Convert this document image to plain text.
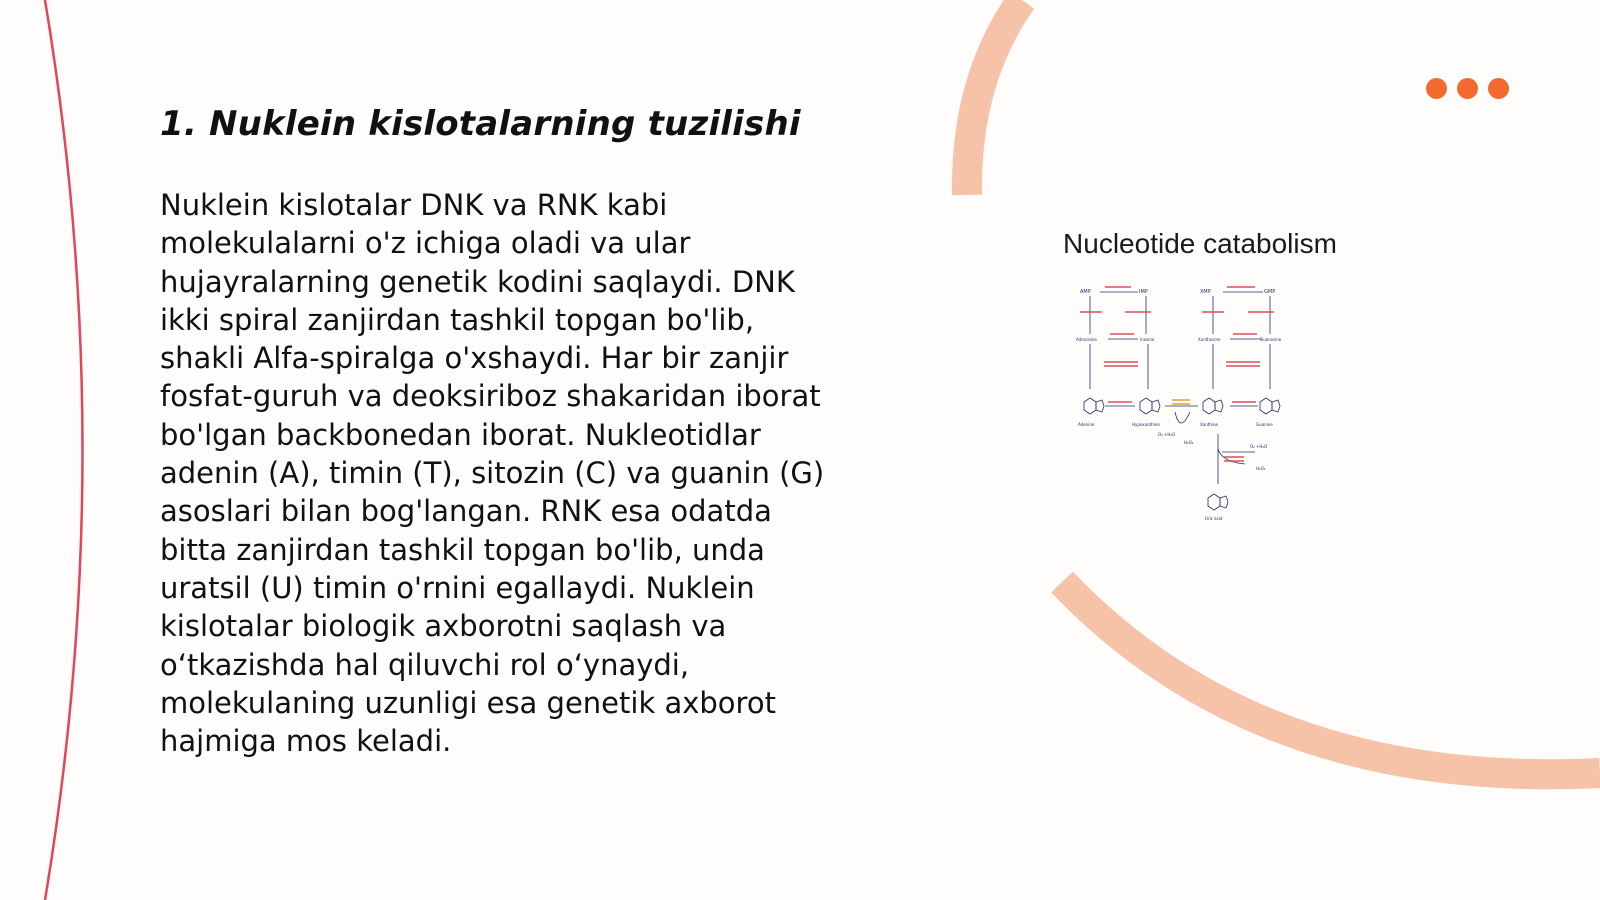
1. Nuklein kislotalarning tuzilishi

Nuklein kislotalar DNK va RNK kabi molekulalarni o'z ichiga oladi va ular hujayralarning genetik kodini saqlaydi. DNK ikki spiral zanjirdan tashkil topgan bo'lib, shakli Alfa-spiralga o'xshaydi. Har bir zanjir fosfat-guruh va deoksiriboz shakaridan iborat bo'lgan backbonedan iborat. Nukleotidlar adenin (A), timin (T), sitozin (C) va guanin (G) asoslari bilan bog'langan. RNK esa odatda bitta zanjirdan tashkil topgan bo'lib, unda uratsil (U) timin o'rnini egallaydi. Nuklein kislotalar biologik axborotni saqlash va o‘tkazishda hal qiluvchi rol o‘ynaydi, molekulaning uzunligi esa genetik axborot hajmiga mos keladi.

Nucleotide catabolism
AMP	IMP	XMP	GMP
Adenosine	Inosine	Xanthosine	Guanosine
Adenine	Hypoxanthine	Xanthine	Guanine
O₂ +H₂O
H₂O₂
O₂ +H₂O
H₂O₂
Uric acid
